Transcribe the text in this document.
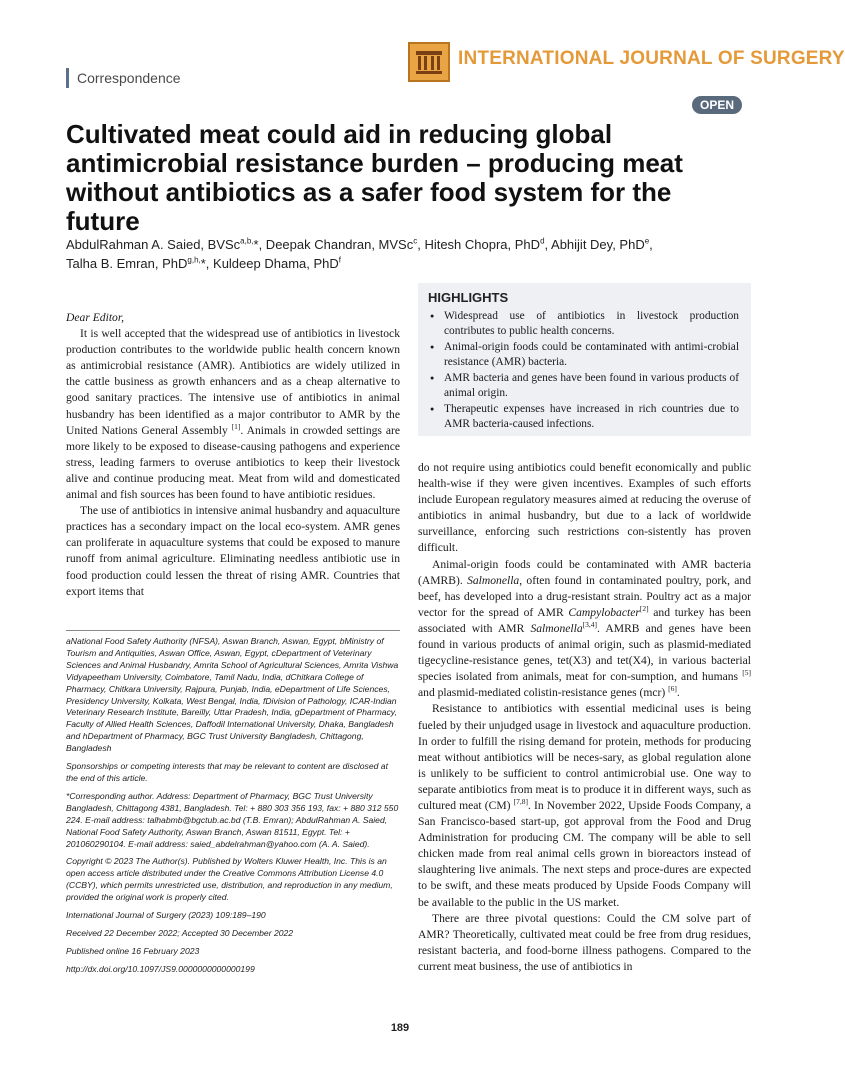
Correspondence
INTERNATIONAL JOURNAL OF SURGERY
OPEN
Cultivated meat could aid in reducing global antimicrobial resistance burden – producing meat without antibiotics as a safer food system for the future
AbdulRahman A. Saied, BVSc$^{a,b,}$*, Deepak Chandran, MVSc$^c$, Hitesh Chopra, PhD$^d$, Abhijit Dey, PhD$^e$,
Talha B. Emran, PhD$^{g,h,}$*, Kuldeep Dhama, PhD$^f$

Dear Editor,

It is well accepted that the widespread use of antibiotics in livestock production contributes to the worldwide public health concern known as antimicrobial resistance (AMR). Antibiotics are widely utilized in the cattle business as growth enhancers and as a cheap alternative to good sanitary practices. The intensive use of antibiotics in animal husbandry has been identified as a major contributor to AMR by the United Nations General Assembly [1]. Animals in crowded settings are more likely to be exposed to disease-causing pathogens and experience stress, leading farmers to overuse antibiotics to keep their livestock alive and continue producing meat. Meat from wild and domesticated animal and fish sources has been found to have antibiotic residues.

The use of antibiotics in intensive animal husbandry and aquaculture practices has a secondary impact on the local eco-system. AMR genes can proliferate in aquaculture systems that could be exposed to manure runoff from animal agriculture. Eliminating needless antibiotic use in food production could lessen the threat of rising AMR. Countries that export items that

HIGHLIGHTS
● Widespread use of antibiotics in livestock production contributes to public health concerns.
● Animal-origin foods could be contaminated with antimi-crobial resistance (AMR) bacteria.
● AMR bacteria and genes have been found in various products of animal origin.
● Therapeutic expenses have increased in rich countries due to AMR bacteria-caused infections.

do not require using antibiotics could benefit economically and public health-wise if they were given incentives. Examples of such efforts include European regulatory measures aimed at reducing the overuse of antibiotics in animal husbandry, but due to a lack of worldwide surveillance, enforcing such restrictions con-sistently has proven difficult.

Animal-origin foods could be contaminated with AMR bacteria (AMRB). Salmonella, often found in contaminated poultry, pork, and beef, has developed into a drug-resistant strain. Poultry act as a major vector for the spread of AMR Campylobacter[2] and turkey has been associated with AMR Salmonella[3,4]. AMRB and genes have been found in various products of animal origin, such as plasmid-mediated tigecycline-resistance genes, tet(X3) and tet(X4), in various bacterial species isolated from animals, meat for con-sumption, and humans [5] and plasmid-mediated colistin-resistance genes (mcr) [6].

Resistance to antibiotics with essential medicinal uses is being fueled by their unjudged usage in livestock and aquaculture production. In order to fulfill the rising demand for protein, methods for producing meat without antibiotics will be neces-sary, as global regulation alone is unlikely to be sufficient to control antimicrobial use. One way to separate antibiotics from meat is to produce it in different ways, such as cultured meat (CM) [7,8]. In November 2022, Upside Foods Company, a San Francisco-based start-up, got approval from the Food and Drug Administration for producing CM. The company will be able to sell chicken made from real animal cells grown in bioreactors instead of slaughtering live animals. The next steps and proce-dures are expected to be swift, and these meats produced by Upside Foods Company will be available to the public in the US market.

There are three pivotal questions: Could the CM solve part of AMR? Theoretically, cultivated meat could be free from drug residues, resistant bacteria, and food-borne illness pathogens. Compared to the current meat business, the use of antibiotics in

aNational Food Safety Authority (NFSA), Aswan Branch, Aswan, Egypt, bMinistry of Tourism and Antiquities, Aswan Office, Aswan, Egypt, cDepartment of Veterinary Sciences and Animal Husbandry, Amrita School of Agricultural Sciences, Amrita Vishwa Vidyapeetham University, Coimbatore, Tamil Nadu, India, dChitkara College of Pharmacy, Chitkara University, Rajpura, Punjab, India, eDepartment of Life Sciences, Presidency University, Kolkata, West Bengal, India, fDivision of Pathology, ICAR-Indian Veterinary Research Institute, Bareilly, Uttar Pradesh, India, gDepartment of Pharmacy, Faculty of Allied Health Sciences, Daffodil International University, Dhaka, Bangladesh and hDepartment of Pharmacy, BGC Trust University Bangladesh, Chittagong, Bangladesh

Sponsorships or competing interests that may be relevant to content are disclosed at the end of this article.

*Corresponding author. Address: Department of Pharmacy, BGC Trust University Bangladesh, Chittagong 4381, Bangladesh. Tel: + 880 303 356 193, fax: + 880 312 550 224. E-mail address: talhabmb@bgctub.ac.bd (T.B. Emran); AbdulRahman A. Saied, National Food Safety Authority, Aswan Branch, Aswan 81511, Egypt. Tel: + 201060290104. E-mail address: saied_abdelrahman@yahoo.com (A. A. Saied).

Copyright © 2023 The Author(s). Published by Wolters Kluwer Health, Inc. This is an open access article distributed under the Creative Commons Attribution License 4.0 (CCBY), which permits unrestricted use, distribution, and reproduction in any medium, provided the original work is properly cited.

International Journal of Surgery (2023) 109:189–190

Received 22 December 2022; Accepted 30 December 2022

Published online 16 February 2023

http://dx.doi.org/10.1097/JS9.0000000000000199

189
